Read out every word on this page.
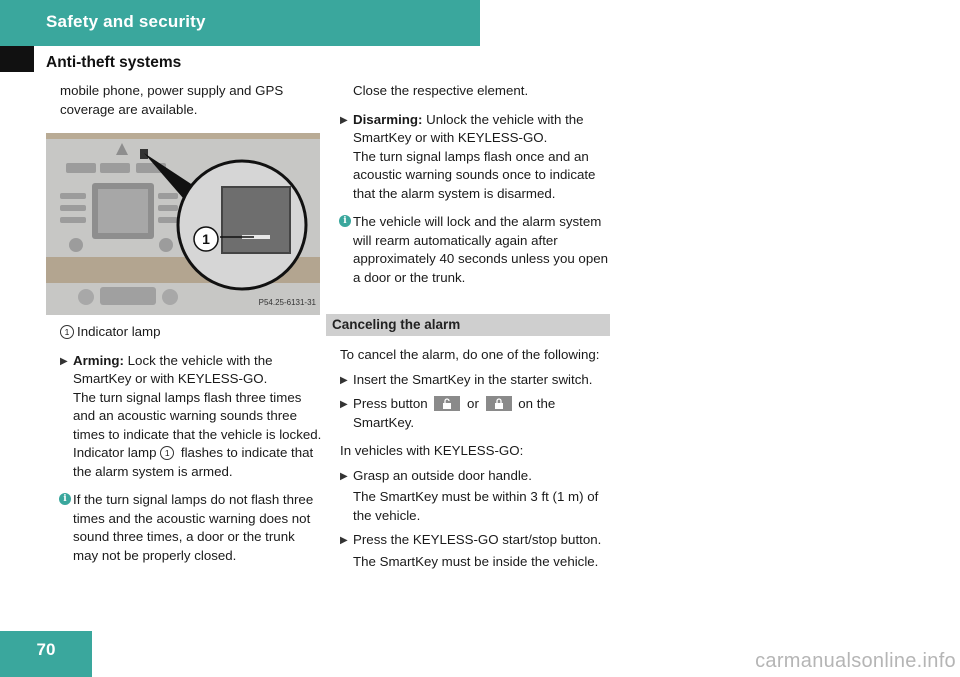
Safety and security
Anti-theft systems

mobile phone, power supply and GPS coverage are available.

1
P54.25-6131-31

1 Indicator lamp

▶ Arming: Lock the vehicle with the SmartKey or with KEYLESS-GO.

The turn signal lamps flash three times and an acoustic warning sounds three times to indicate that the vehicle is locked. Indicator lamp 1 flashes to indicate that the alarm system is armed.

i If the turn signal lamps do not flash three times and the acoustic warning does not sound three times, a door or the trunk may not be properly closed.

Close the respective element.

▶ Disarming: Unlock the vehicle with the SmartKey or with KEYLESS-GO.

The turn signal lamps flash once and an acoustic warning sounds once to indicate that the alarm system is disarmed.

i The vehicle will lock and the alarm system will rearm automatically again after approximately 40 seconds unless you open a door or the trunk.

Canceling the alarm

To cancel the alarm, do one of the following:

▶ Insert the SmartKey in the starter switch.

▶ Press button
or
on the SmartKey.

In vehicles with KEYLESS-GO:

▶ Grasp an outside door handle.

The SmartKey must be within 3 ft (1 m) of the vehicle.

▶ Press the KEYLESS-GO start/stop button.

The SmartKey must be inside the vehicle.

70
carmanualsonline.info
